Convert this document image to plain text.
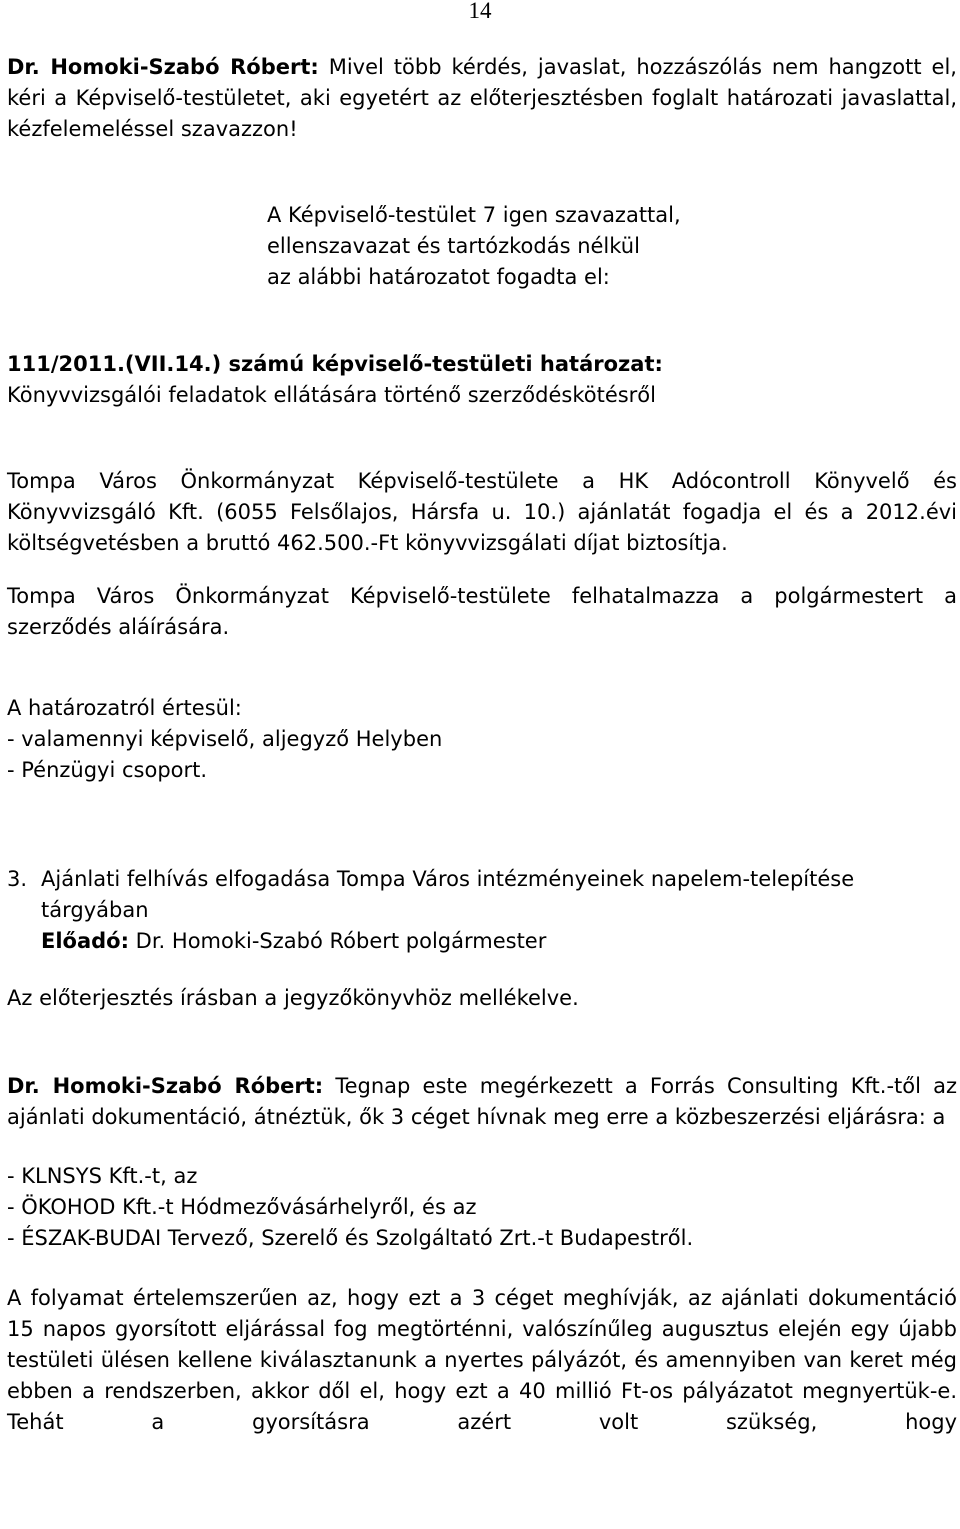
14

Dr. Homoki-Szabó Róbert: Mivel több kérdés, javaslat, hozzászólás nem hangzott el, kéri a Képviselő-testületet, aki egyetért az előterjesztésben foglalt határozati javaslattal, kézfelemeléssel szavazzon!

A Képviselő-testület 7 igen szavazattal,

ellenszavazat és tartózkodás nélkül

az alábbi határozatot fogadta el:

111/2011.(VII.14.) számú képviselő-testületi határozat:

Könyvvizsgálói feladatok ellátására történő szerződéskötésről

Tompa Város Önkormányzat Képviselő-testülete a HK Adócontroll Könyvelő és Könyvvizsgáló Kft. (6055 Felsőlajos, Hársfa u. 10.) ajánlatát fogadja el és a 2012.évi költségvetésben a bruttó 462.500.-Ft könyvvizsgálati díjat biztosítja.

Tompa Város Önkormányzat Képviselő-testülete felhatalmazza a polgármestert a szerződés aláírására.

A határozatról értesül:

- valamennyi képviselő, aljegyző Helyben

- Pénzügyi csoport.

3. Ajánlati felhívás elfogadása Tompa Város intézményeinek napelem-telepítése

tárgyában

Előadó: Dr. Homoki-Szabó Róbert polgármester

Az előterjesztés írásban a jegyzőkönyvhöz mellékelve.

Dr. Homoki-Szabó Róbert: Tegnap este megérkezett a Forrás Consulting Kft.-től az ajánlati dokumentáció, átnéztük, ők 3 céget hívnak meg erre a közbeszerzési eljárásra: a

- KLNSYS Kft.-t, az

- ÖKOHOD Kft.-t Hódmezővásárhelyről, és az

- ÉSZAK-BUDAI Tervező, Szerelő és Szolgáltató Zrt.-t Budapestről.

A folyamat értelemszerűen az, hogy ezt a 3 céget meghívják, az ajánlati dokumentáció 15 napos gyorsított eljárással fog megtörténni, valószínűleg augusztus elején egy újabb testületi ülésen kellene kiválasztanunk a nyertes pályázót, és amennyiben van keret még ebben a rendszerben, akkor dől el, hogy ezt a 40 millió Ft-os pályázatot megnyertük-e. Tehát a gyorsításra azért volt szükség, hogy
